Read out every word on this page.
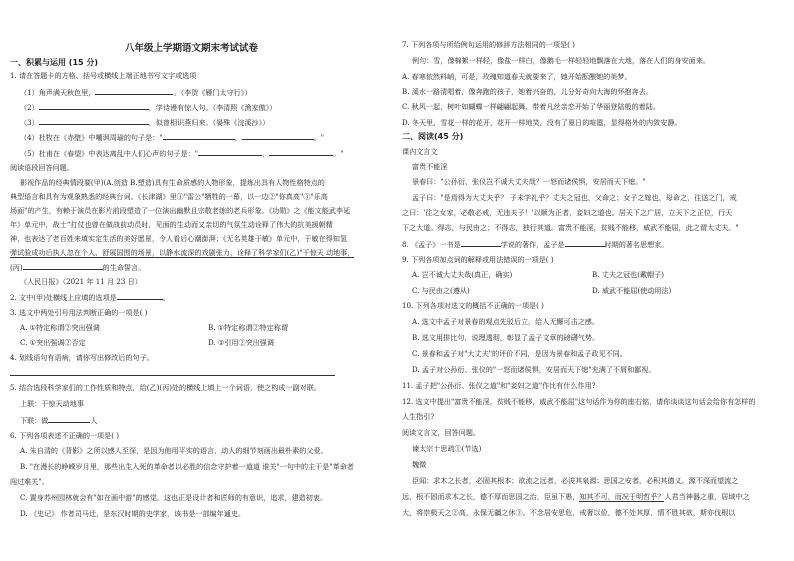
八年级上学期语文期末考试试卷
一、积累与运用 (15 分)
1. 请在答题卡的方格、括号或横线上端正地书写文字或选项
（1）角声满天秋色里，	。（李贺《雁门太守行》）
（2）	，学诗谩有惊人句。（李清照《渔家傲》）
（3）	，似曾相识燕归来。（晏殊《浣溪沙》）
（4）杜牧在《赤壁》中嘲讽周瑜的句子是："	，	。"
（5）杜甫在《春望》中表达离乱中人们心声的句子是："	，	。"
阅读语段回答问题。
影视作品的经典情段要(甲)(A.创造 B.塑造)具有生命质感的人物形象，提炼出具有人物性格特点的
典型语言和具有为观象熟悉的经典台词。《长津湖》里①"雷公"牺牲的一幕，以一边②"你真高"③"乐高
场面"的产生，有赖于演员在影片前段塑造了一位演出幽默且宗敬老练的老兵形象。《功勋》之《能文能武李延
年》单元中，战士“打仗也曾在做战前动员时，见面的生动而又亲切的气氛生动诠释了伟大的抗美援朝精
神，也表达了老百姓来填实定生活的美好愿景，令人看后心潮澎湃；《无名英雄于敏》单元中，于敏在得知氢
弹试验成功后执人忽在个人、舒展国围的场景，以静水流深的戏剧张力，诠释了科学家们(乙)"干惊天 动地事，
(丙)	的生命誓言。
《人民日报》（2021 年 11 月 23 日）
2. 文中(甲)处横线上应填的选项是	。
3. 选文中两处引号用法判断正确的一项是( )
A. ①特定称谓②突出强调	B. ①特定称谓②特定称谓
C. ①突出强调②否定	D. ①引用②突出强调
4. 划线语句有语病，请你写出修改后的句子。
5. 结合选段科学家们的工作性质和特点，给(乙)(丙)处的横线上填上一个词语，使之构成一副对联。
上联：干惊天动地事
下联：做	人
6. 下列各项表述不正确的一项是( )
A. 朱自清的《背影》之所以感人至深，是因为他用平实的语言，动人的细节刻画出最朴素的父爱。
B. "在漫长的峥嵘岁月里，那些出生入死的革命者以必胜的信念守护着一道道 谁关"一句中的主干是"革命者
闯过难关"。
C. 置身苏州园林就会有"如在画中游"的感觉，这也正是设计者和匠师的有意识，追求，建造初衷。
D. 《史记》 作者司马迁，是东汉时期的史学家，该书是一部编年通史。
7. 下列各项与所给例句运用的修辞方法相同的一项是( )
例句：雪，像棉絮一样轻，像盐一样白，像鹅毛一样轻轻地飘落在大地，落在人们的身安面来。
A. 春寒依然料峭，可是，玫瑰知道春天就要来了，她开始酝酿她的美梦。
B. 溪水一路清唱着，像奔跑的孩子，她着兴奋的，儿分好奇向大海的怀抱奔去。
C. 秋风一起，树叶如蝴蝶一样翩翩起舞，带着凡丝亲恋开始了华丽登陆般的着陆。
D. 冬天里，雪花一样的花开，花开一样地笑，没有了夏日的喧嚣，显得格外的内敛安静。
二、阅读(45 分)
课内文言文
富贵不能淫
景春曰："公孙衍、张仪岂不诚大丈夫哉？一怒而诸侯惧，安居而天下熄。"
孟子曰："是焉得为大丈夫乎？ 子未学礼乎？丈夫之冠也，父命之；女子之嫁也，母命之，往送之门，戒
之曰：'往之女家，必敬必戒，无违夫子！'以顺为正者，妾妇之道也。居天下之广居，立天下之正位，行天
下之大道。得志，与民由之；不得志，独行其道。富贵不能淫，贫贱不能移，威武不能屈，此之谓大丈夫。"
8. 《孟子》一书是	学说的著作，孟子是	时期的著名思想家。
9. 下列各项加点词的解释或用法错误的一项是( )
A. 岂不诚大丈夫哉(真正，确实)	B. 丈夫之冠也(戴帽子)
C. 与民由之(遵从)	D. 威武不能屈(使动用法)
10. 下列各项对选文的概括不正确的一项是( )
A. 选文中孟子对景春的观点先驳后立，给人无懈可击之感。
B. 选文用排比句，说理透彻，彰显了孟子文章的磅礴气势。
C. 景春和孟子对"大丈夫"的评价不同，是因为景春和孟子政见不同。
D. 孟子对公孙衍、张仪的"一怒而诸侯惧，安居而天下熄"充满了不屑和鄙视。
11. 孟子把"公孙衍、张仪之道"和"妾妇之道"作比有什么作用?
12. 选文中提出"富贵不能淫，贫贱不能移，威武不能屈"这句话作为你的座右铭，请你谈谈这句话会给你有怎样的
人生指引?
阅读文言文，回答问题。
谏太宗十思疏①(节选)
魏徵
臣闻：求木之长者，必固其根本；欲流之远者，必浚其泉源；思国之安者，必积其德义。源不深而望流之
远，根不固而求木之长，德不厚而思国之治，臣虽下愚，知其不可，而况于明哲乎？人君当神器之重，居域中之
大，将崇极天之②高，永保无疆之休③。不念居安思危，戒奢以俭，德不处其厚，情不胜其欲，斯亦伐根以
